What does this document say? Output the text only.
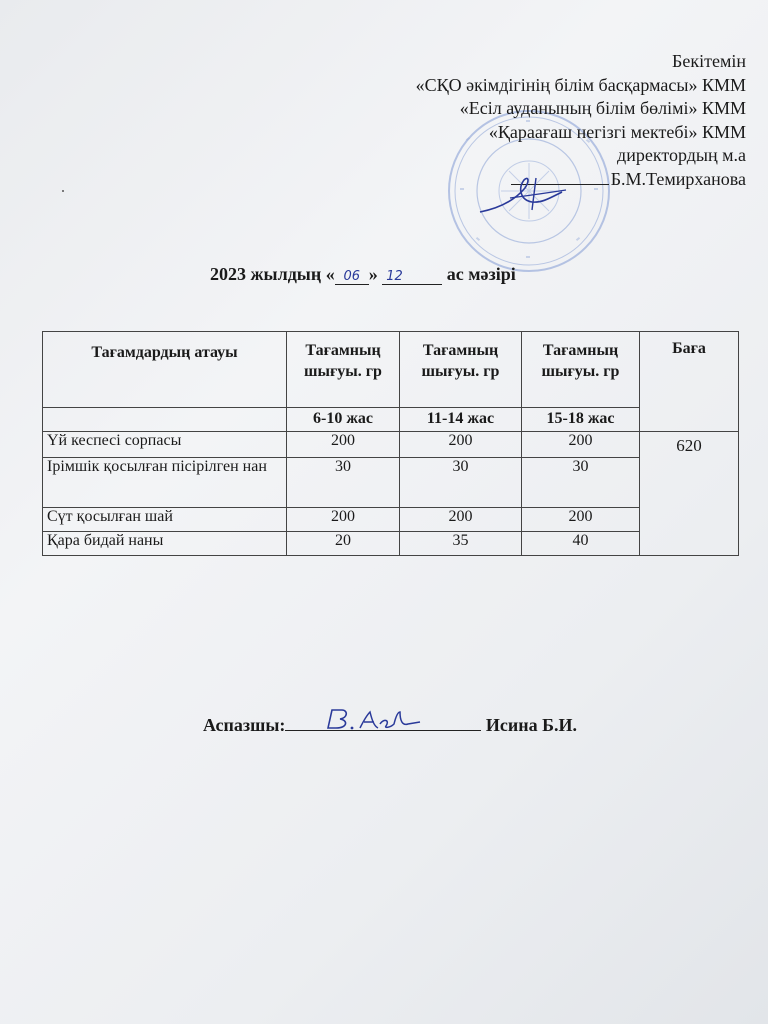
Бекітемін
«СҚО әкімдігінің білім басқармасы» КММ
«Есіл ауданының білім бөлімі» КММ
«Қараағаш негізгі мектебі» КММ
директордың м.а
Б.М.Темирханова
2023 жылдың « 06 » 12 ас мәзірі
Тағамдардың атауы	Тағамның шығуы. гр	Тағамның шығуы. гр	Тағамның шығуы. гр	Баға
	6-10 жас	11-14 жас	15-18 жас	
Үй кеспесі сорпасы	200	200	200	620
Ірімшік қосылған пісірілген нан	30	30	30	
Сүт қосылған шай	200	200	200	
Қара бидай наны	20	35	40	
Аспазшы:	Исина Б.И.
